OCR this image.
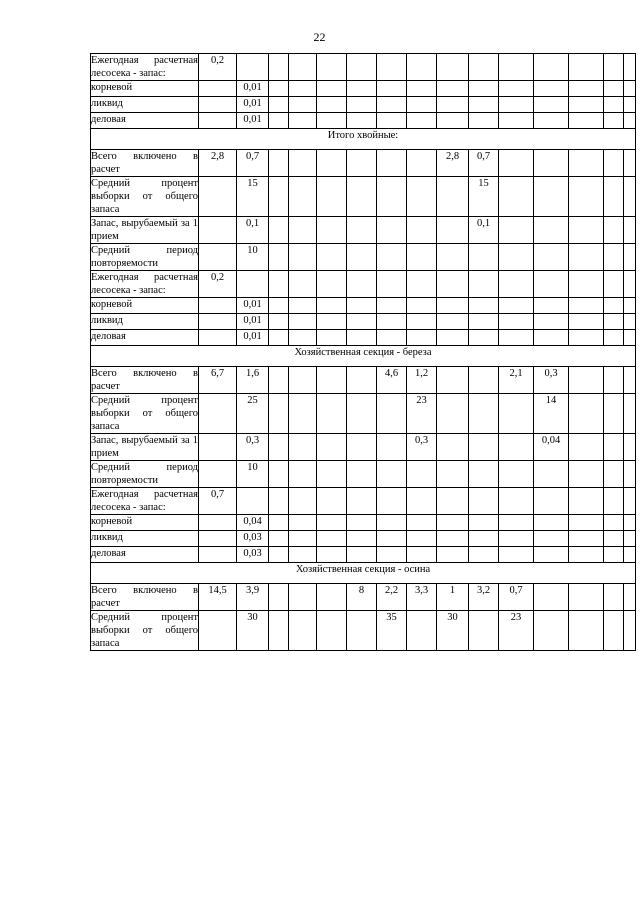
22
Ежегодная расчетная лесосека - запас:	0,2														
корневой		0,01													
ликвид		0,01													
деловая		0,01													
Итого хвойные:															
Всего включено в расчет	2,8	0,7							2,8	0,7					
Средний процент выборки от общего запаса		15								15					
Запас, вырубаемый за 1 прием		0,1								0,1					
Средний период повторяемости		10													
Ежегодная расчетная лесосека - запас:	0,2														
корневой		0,01													
ликвид		0,01													
деловая		0,01													
Хозяйственная секция - береза															
Всего включено в расчет	6,7	1,6					4,6	1,2			2,1	0,3			
Средний процент выборки от общего запаса		25						23				14			
Запас, вырубаемый за 1 прием		0,3						0,3				0,04			
Средний период повторяемости		10													
Ежегодная расчетная лесосека - запас:	0,7														
корневой		0,04													
ликвид		0,03													
деловая		0,03													
Хозяйственная секция - осина															
Всего включено в расчет	14,5	3,9				8	2,2	3,3	1	3,2	0,7				
Средний процент выборки от общего запаса		30					35		30		23				
